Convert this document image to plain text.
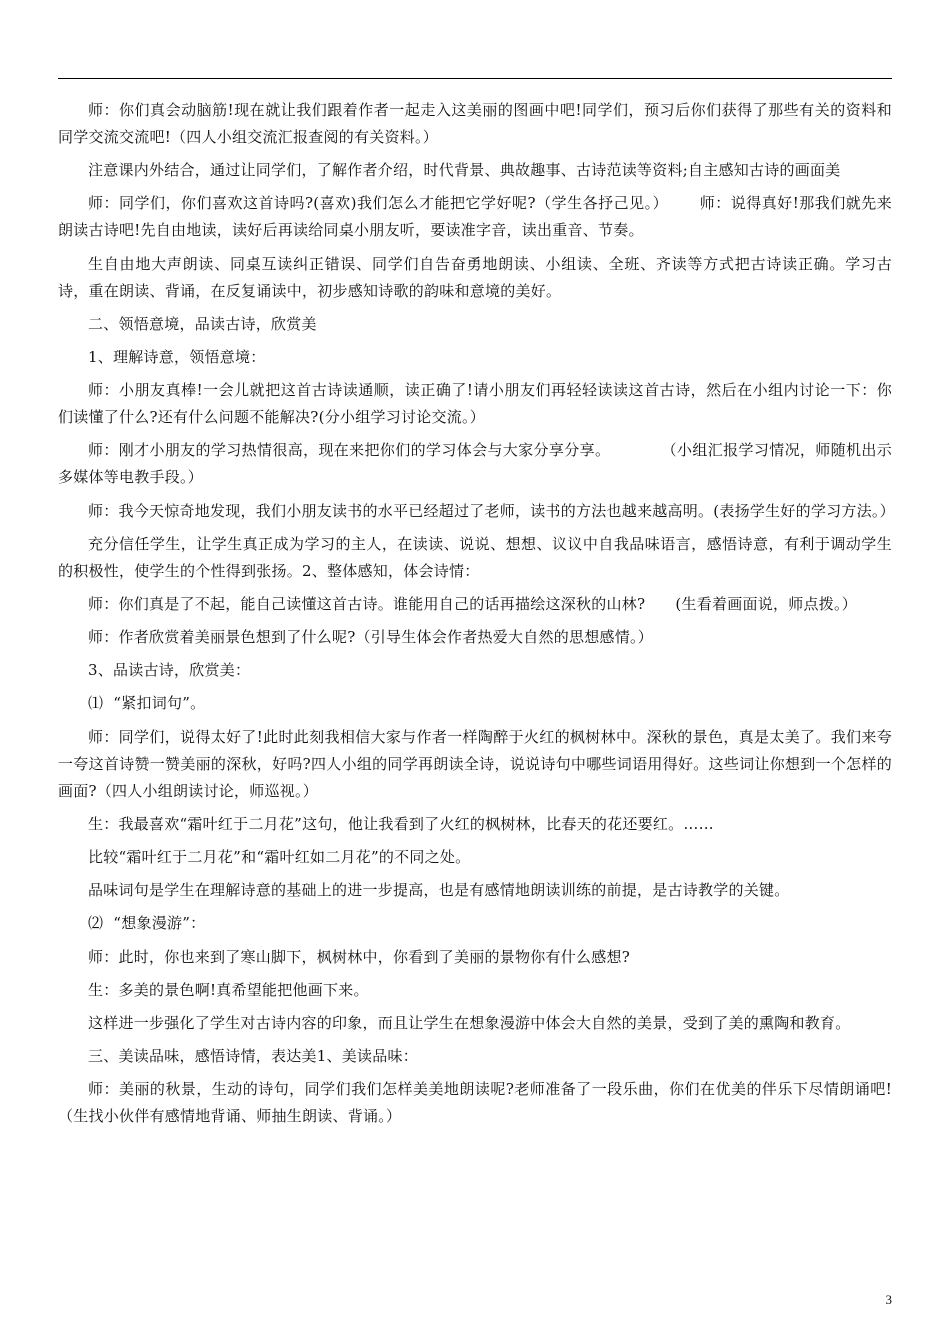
师：你们真会动脑筋!现在就让我们跟着作者一起走入这美丽的图画中吧!同学们，预习后你们获得了那些有关的资料和同学交流交流吧!（四人小组交流汇报查阅的有关资料。）

注意课内外结合，通过让同学们，了解作者介绍，时代背景、典故趣事、古诗范读等资料;自主感知古诗的画面美

师：同学们，你们喜欢这首诗吗?(喜欢)我们怎么才能把它学好呢?（学生各抒己见。）      师：说得真好!那我们就先来朗读古诗吧!先自由地读，读好后再读给同桌小朋友听，要读准字音，读出重音、节奏。

生自由地大声朗读、同桌互读纠正错误、同学们自告奋勇地朗读、小组读、全班、齐读等方式把古诗读正确。学习古诗，重在朗读、背诵，在反复诵读中，初步感知诗歌的韵味和意境的美好。

二、领悟意境，品读古诗，欣赏美

1、理解诗意，领悟意境：

师：小朋友真棒!一会儿就把这首古诗读通顺，读正确了!请小朋友们再轻轻读读这首古诗，然后在小组内讨论一下：你们读懂了什么?还有什么问题不能解决?(分小组学习讨论交流。）

师：刚才小朋友的学习热情很高，现在来把你们的学习体会与大家分享分享。          （小组汇报学习情况，师随机出示多媒体等电教手段。）

师：我今天惊奇地发现，我们小朋友读书的水平已经超过了老师，读书的方法也越来越高明。(表扬学生好的学习方法。）

充分信任学生，让学生真正成为学习的主人，在读读、说说、想想、议议中自我品味语言，感悟诗意，有利于调动学生的积极性，使学生的个性得到张扬。2、整体感知，体会诗情：

师：你们真是了不起，能自己读懂这首古诗。谁能用自己的话再描绘这深秋的山林?      (生看着画面说，师点拨。）

师：作者欣赏着美丽景色想到了什么呢?（引导生体会作者热爱大自然的思想感情。）

3、品读古诗，欣赏美：

⑴  “紧扣词句”。

师：同学们，说得太好了!此时此刻我相信大家与作者一样陶醉于火红的枫树林中。深秋的景色，真是太美了。我们来夸一夸这首诗赞一赞美丽的深秋，好吗?四人小组的同学再朗读全诗，说说诗句中哪些词语用得好。这些词让你想到一个怎样的画面?（四人小组朗读讨论，师巡视。）

生：我最喜欢“霜叶红于二月花”这句，他让我看到了火红的枫树林，比春天的花还要红。……

比较“霜叶红于二月花”和“霜叶红如二月花”的不同之处。

品味词句是学生在理解诗意的基础上的进一步提高，也是有感情地朗读训练的前提，是古诗教学的关键。

⑵  “想象漫游”：

师：此时，你也来到了寒山脚下，枫树林中，你看到了美丽的景物你有什么感想?

生：多美的景色啊!真希望能把他画下来。

这样进一步强化了学生对古诗内容的印象，而且让学生在想象漫游中体会大自然的美景，受到了美的熏陶和教育。

三、美读品味，感悟诗情，表达美1、美读品味：

师：美丽的秋景，生动的诗句，同学们我们怎样美美地朗读呢?老师准备了一段乐曲，你们在优美的伴乐下尽情朗诵吧!（生找小伙伴有感情地背诵、师抽生朗读、背诵。）

3
